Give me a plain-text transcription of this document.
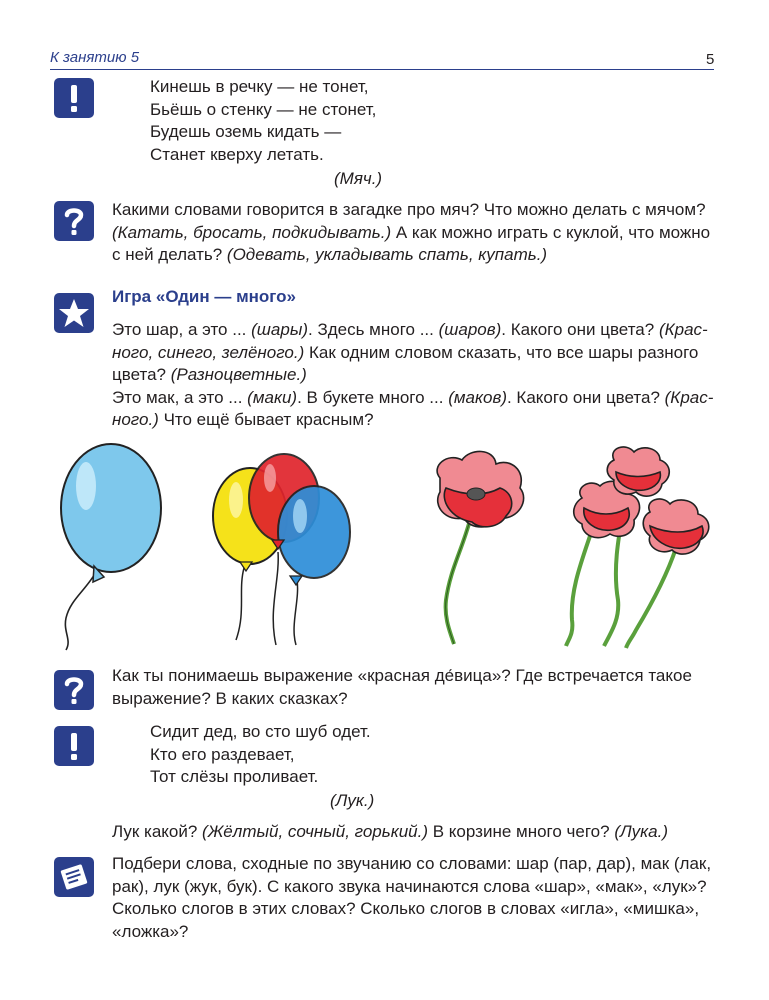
К занятию 5	5
Кинешь в речку — не тонет,
Бьёшь о стенку — не стонет,
Будешь оземь кидать —
Станет кверху летать.
(Мяч.)
Какими словами говорится в загадке про мяч? Что можно делать с мячом?
(Катать, бросать, подкидывать.) А как можно играть с куклой, что можно
с ней делать? (Одевать, укладывать спать, купать.)
Игра «Один — много»
Это шар, а это ... (шары). Здесь много ... (шаров). Какого они цвета? (Крас-
ного, синего, зелёного.) Как одним словом сказать, что все шары разного
цвета? (Разноцветные.)
Это мак, а это ... (маки). В букете много ... (маков). Какого они цвета? (Крас-
ного.) Что ещё бывает красным?
Как ты понимаешь выражение «красная де́вица»? Где встречается такое
выражение? В каких сказках?
Сидит дед, во сто шуб одет.
Кто его раздевает,
Тот слёзы проливает.
(Лук.)
Лук какой? (Жёлтый, сочный, горький.) В корзине много чего? (Лука.)
Подбери слова, сходные по звучанию со словами: шар (пар, дар), мак (лак,
рак), лук (жук, бук). С какого звука начинаются слова «шар», «мак», «лук»?
Сколько слогов в этих словах? Сколько слогов в словах «игла», «мишка»,
«ложка»?
